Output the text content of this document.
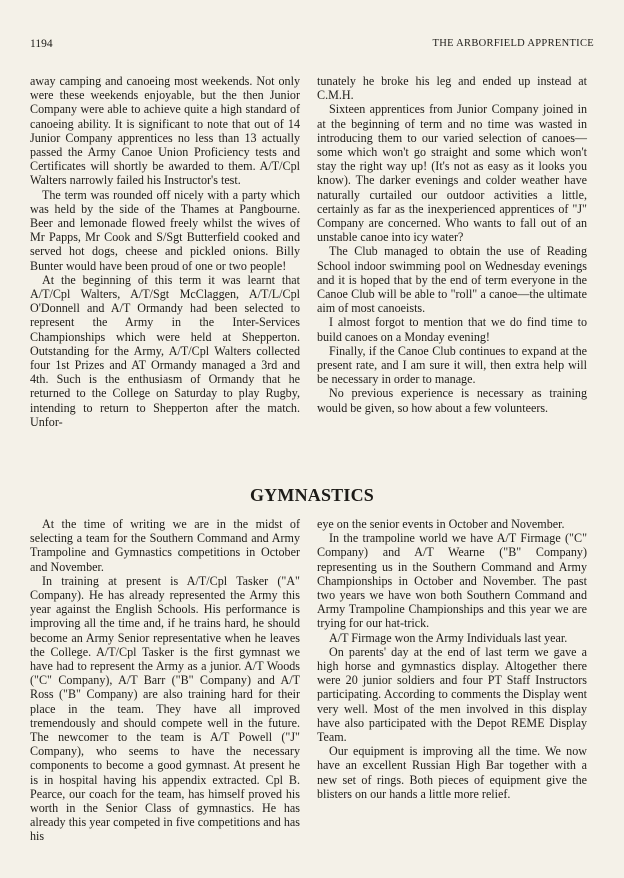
1194	THE ARBORFIELD APPRENTICE

away camping and canoeing most weekends. Not only were these weekends enjoyable, but the then Junior Company were able to achieve quite a high standard of canoeing ability. It is significant to note that out of 14 Junior Company apprentices no less than 13 actually passed the Army Canoe Union Proficiency tests and Certificates will shortly be awarded to them. A/T/Cpl Walters narrowly failed his Instructor's test.

The term was rounded off nicely with a party which was held by the side of the Thames at Pangbourne. Beer and lemonade flowed freely whilst the wives of Mr Papps, Mr Cook and S/Sgt Butterfield cooked and served hot dogs, cheese and pickled onions. Billy Bunter would have been proud of one or two people!

At the beginning of this term it was learnt that A/T/Cpl Walters, A/T/Sgt McClaggen, A/T/L/Cpl O'Donnell and A/T Ormandy had been selected to represent the Army in the Inter-Services Championships which were held at Shepperton. Outstanding for the Army, A/T/Cpl Walters collected four 1st Prizes and AT Ormandy managed a 3rd and 4th. Such is the enthusiasm of Ormandy that he returned to the College on Saturday to play Rugby, intending to return to Shepperton after the match. Unfor-

tunately he broke his leg and ended up instead at C.M.H.

Sixteen apprentices from Junior Company joined in at the beginning of term and no time was wasted in introducing them to our varied selection of canoes—some which won't go straight and some which won't stay the right way up! (It's not as easy as it looks you know). The darker evenings and colder weather have naturally curtailed our outdoor activities a little, certainly as far as the inexperienced apprentices of "J" Company are concerned. Who wants to fall out of an unstable canoe into icy water?

The Club managed to obtain the use of Reading School indoor swimming pool on Wednesday evenings and it is hoped that by the end of term everyone in the Canoe Club will be able to "roll" a canoe—the ultimate aim of most canoeists.

I almost forgot to mention that we do find time to build canoes on a Monday evening!

Finally, if the Canoe Club continues to expand at the present rate, and I am sure it will, then extra help will be necessary in order to manage.

No previous experience is necessary as training would be given, so how about a few volunteers.

GYMNASTICS

At the time of writing we are in the midst of selecting a team for the Southern Command and Army Trampoline and Gymnastics competitions in October and November.

In training at present is A/T/Cpl Tasker ("A" Company). He has already represented the Army this year against the English Schools. His performance is improving all the time and, if he trains hard, he should become an Army Senior representative when he leaves the College. A/T/Cpl Tasker is the first gymnast we have had to represent the Army as a junior. A/T Woods ("C" Company), A/T Barr ("B" Company) and A/T Ross ("B" Company) are also training hard for their place in the team. They have all improved tremendously and should compete well in the future. The newcomer to the team is A/T Powell ("J" Company), who seems to have the necessary components to become a good gymnast. At present he is in hospital having his appendix extracted. Cpl B. Pearce, our coach for the team, has himself proved his worth in the Senior Class of gymnastics. He has already this year competed in five competitions and has his

eye on the senior events in October and November.

In the trampoline world we have A/T Firmage ("C" Company) and A/T Wearne ("B" Company) representing us in the Southern Command and Army Championships in October and November. The past two years we have won both Southern Command and Army Trampoline Championships and this year we are trying for our hat-trick.

A/T Firmage won the Army Individuals last year.

On parents' day at the end of last term we gave a high horse and gymnastics display. Altogether there were 20 junior soldiers and four PT Staff Instructors participating. According to comments the Display went very well. Most of the men involved in this display have also participated with the Depot REME Display Team.

Our equipment is improving all the time. We now have an excellent Russian High Bar together with a new set of rings. Both pieces of equipment give the blisters on our hands a little more relief.
